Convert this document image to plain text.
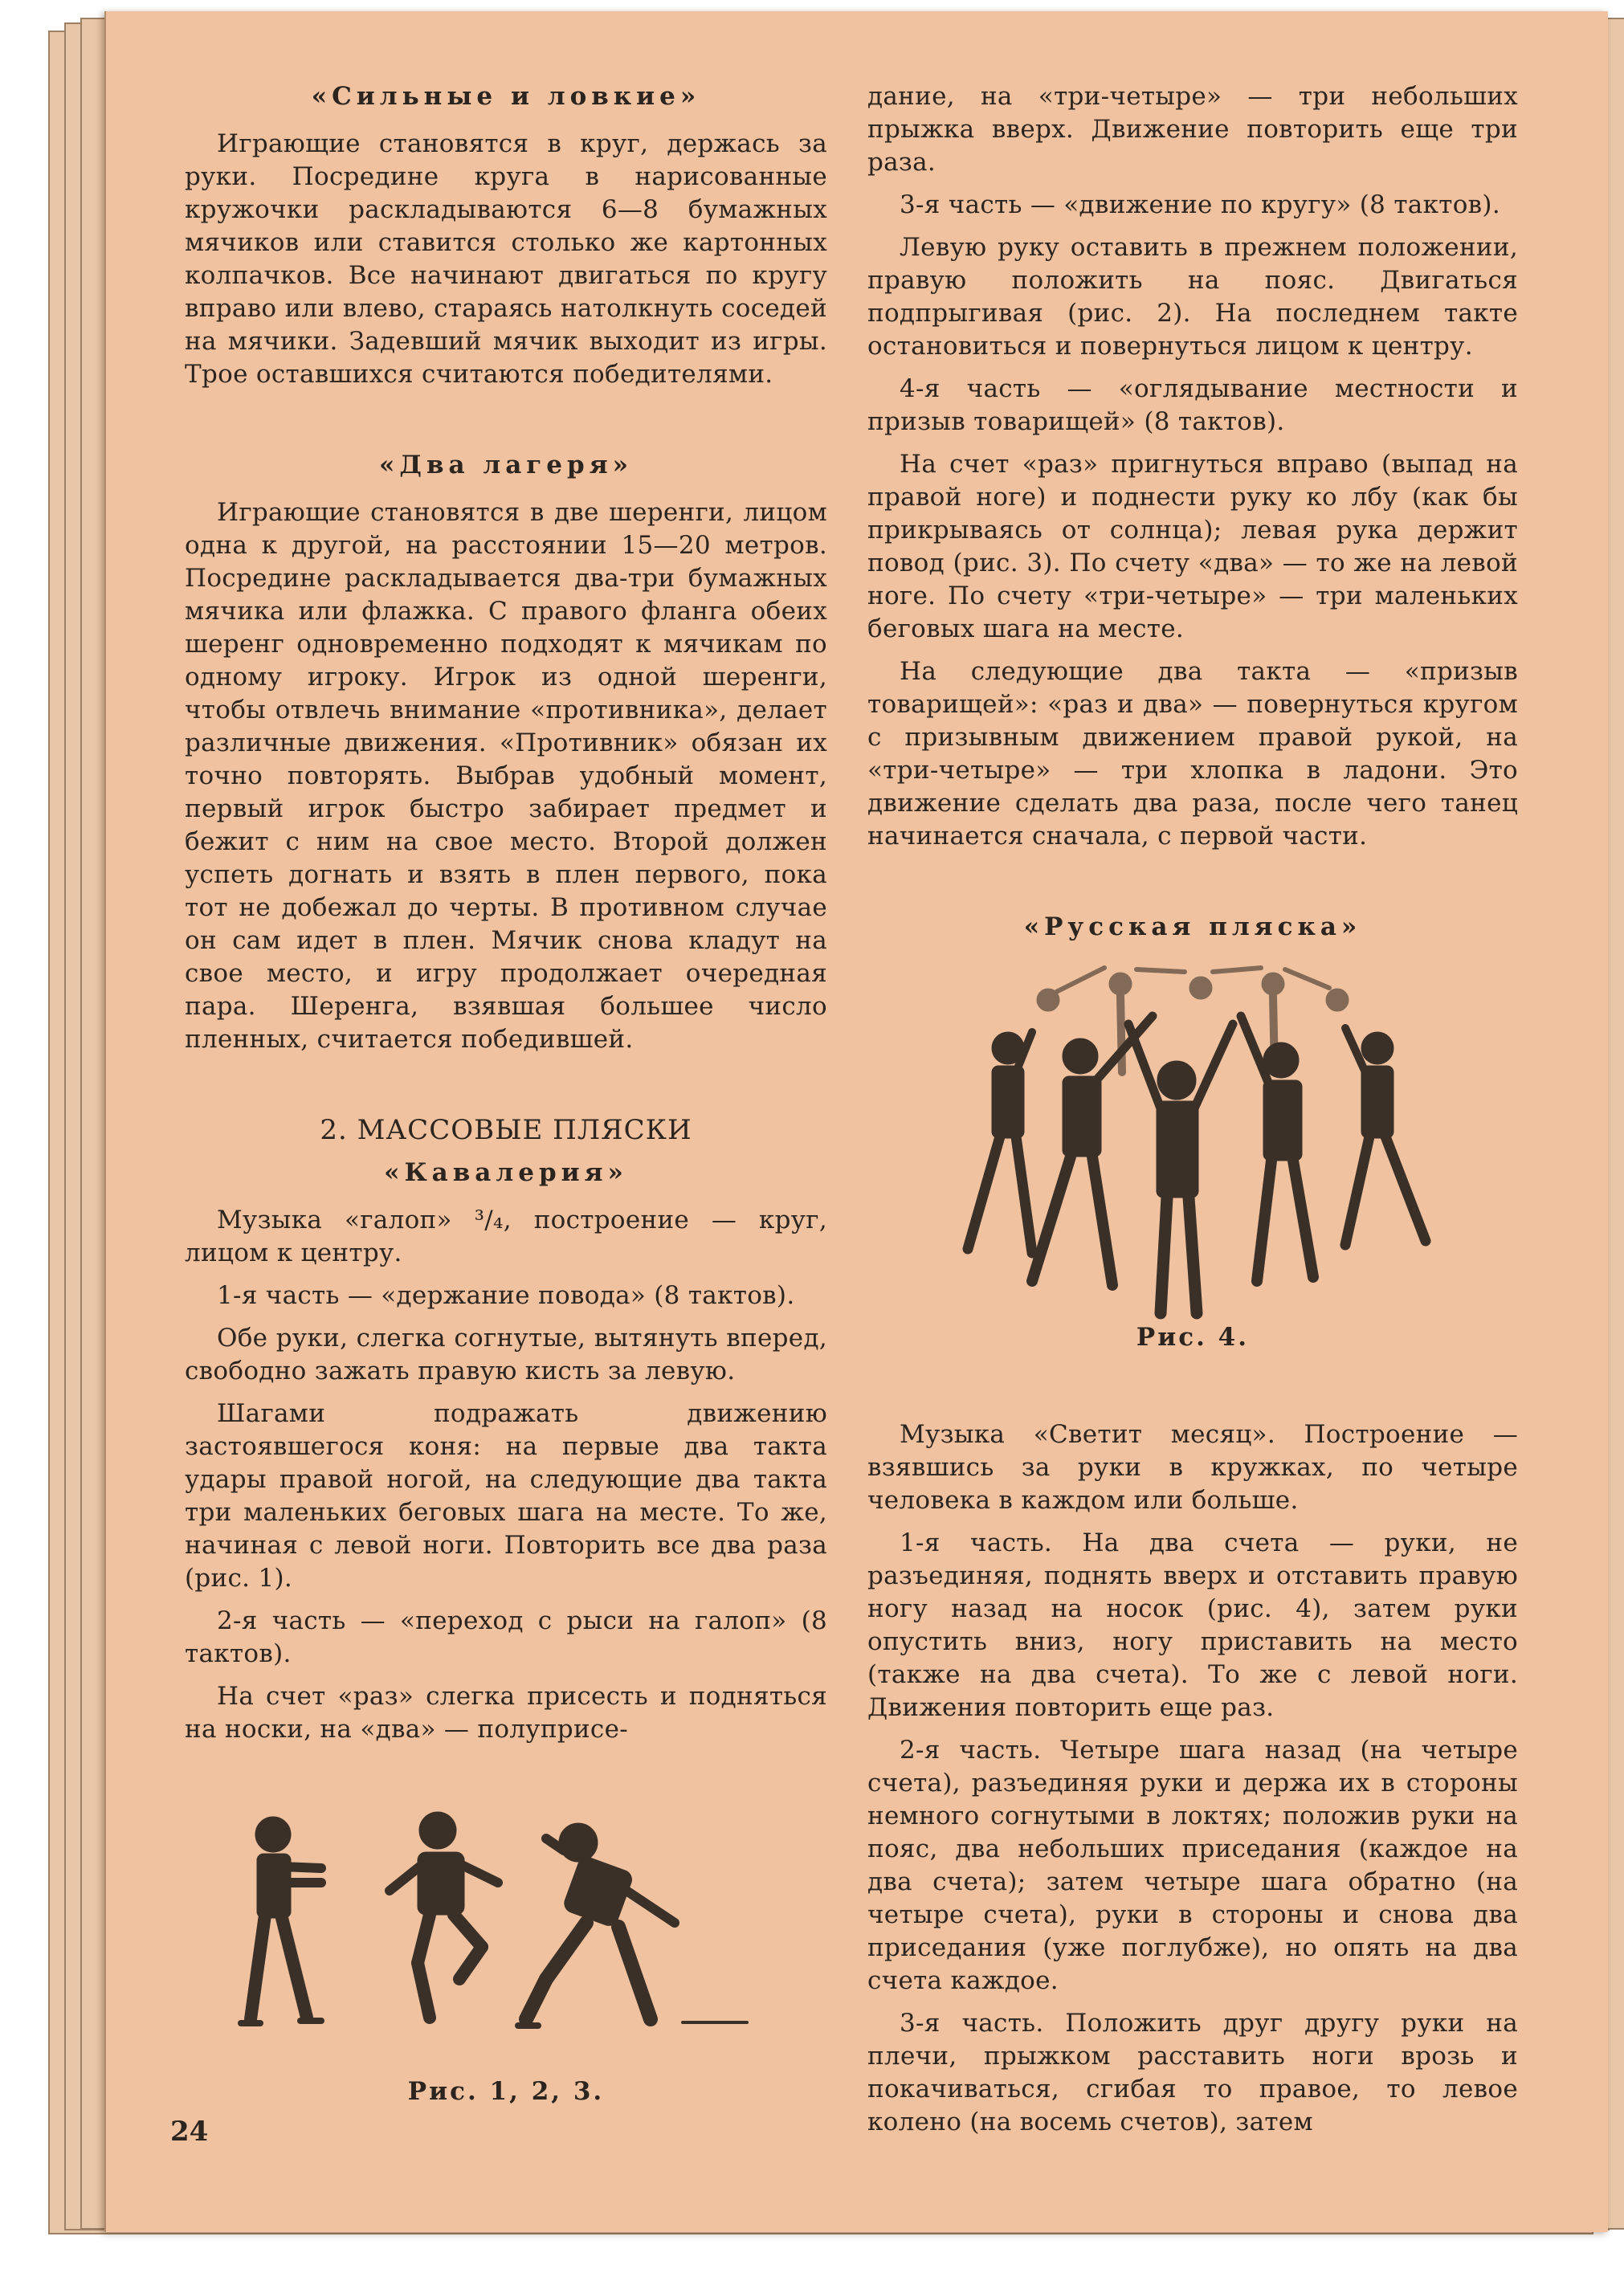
«Сильные и ловкие»

Играющие становятся в круг, держась за руки. Посредине круга в нарисованные кружочки раскладываются 6—8 бумажных мячиков или ставится столько же картонных колпачков. Все начинают двигаться по кругу вправо или влево, стараясь натолкнуть соседей на мячики. Задевший мячик выходит из игры. Трое оставшихся считаются победителями.

«Два лагеря»

Играющие становятся в две шеренги, лицом одна к другой, на расстоянии 15—20 метров. Посредине раскладывается два-три бумажных мячика или флажка. С правого фланга обеих шеренг одновременно подходят к мячикам по одному игроку. Игрок из одной шеренги, чтобы отвлечь внимание «противника», делает различные движения. «Противник» обязан их точно повторять. Выбрав удобный момент, первый игрок быстро забирает предмет и бежит с ним на свое место. Второй должен успеть догнать и взять в плен первого, пока тот не добежал до черты. В противном случае он сам идет в плен. Мячик снова кладут на свое место, и игру продолжает очередная пара. Шеренга, взявшая большее число пленных, считается победившей.

2. МАССОВЫЕ ПЛЯСКИ
«Кавалерия»

Музыка «галоп» ³/₄, построение — круг, лицом к центру.

1-я часть — «держание повода» (8 тактов).

Обе руки, слегка согнутые, вытянуть вперед, свободно зажать правую кисть за левую.

Шагами подражать движению застоявшегося коня: на первые два такта удары правой ногой, на следующие два такта три маленьких беговых шага на месте. То же, начиная с левой ноги. Повторить все два раза (рис. 1).

2-я часть — «переход с рыси на галоп» (8 тактов).

На счет «раз» слегка присесть и подняться на носки, на «два» — полуприсе-

Рис. 1, 2, 3.

дание, на «три-четыре» — три небольших прыжка вверх. Движение повторить еще три раза.

3-я часть — «движение по кругу» (8 тактов).

Левую руку оставить в прежнем положении, правую положить на пояс. Двигаться подпрыгивая (рис. 2). На последнем такте остановиться и повернуться лицом к центру.

4-я часть — «оглядывание местности и призыв товарищей» (8 тактов).

На счет «раз» пригнуться вправо (выпад на правой ноге) и поднести руку ко лбу (как бы прикрываясь от солнца); левая рука держит повод (рис. 3). По счету «два» — то же на левой ноге. По счету «три-четыре» — три маленьких беговых шага на месте.

На следующие два такта — «призыв товарищей»: «раз и два» — повернуться кругом с призывным движением правой рукой, на «три-четыре» — три хлопка в ладони. Это движение сделать два раза, после чего танец начинается сначала, с первой части.

«Русская пляска»
Рис. 4.

Музыка «Светит месяц». Построение — взявшись за руки в кружках, по четыре человека в каждом или больше.

1-я часть. На два счета — руки, не разъединяя, поднять вверх и отставить правую ногу назад на носок (рис. 4), затем руки опустить вниз, ногу приставить на место (также на два счета). То же с левой ноги. Движения повторить еще раз.

2-я часть. Четыре шага назад (на четыре счета), разъединяя руки и держа их в стороны немного согнутыми в локтях; положив руки на пояс, два небольших приседания (каждое на два счета); затем четыре шага обратно (на четыре счета), руки в стороны и снова два приседания (уже поглубже), но опять на два счета каждое.

3-я часть. Положить друг другу руки на плечи, прыжком расставить ноги врозь и покачиваться, сгибая то правое, то левое колено (на восемь счетов), затем

24
